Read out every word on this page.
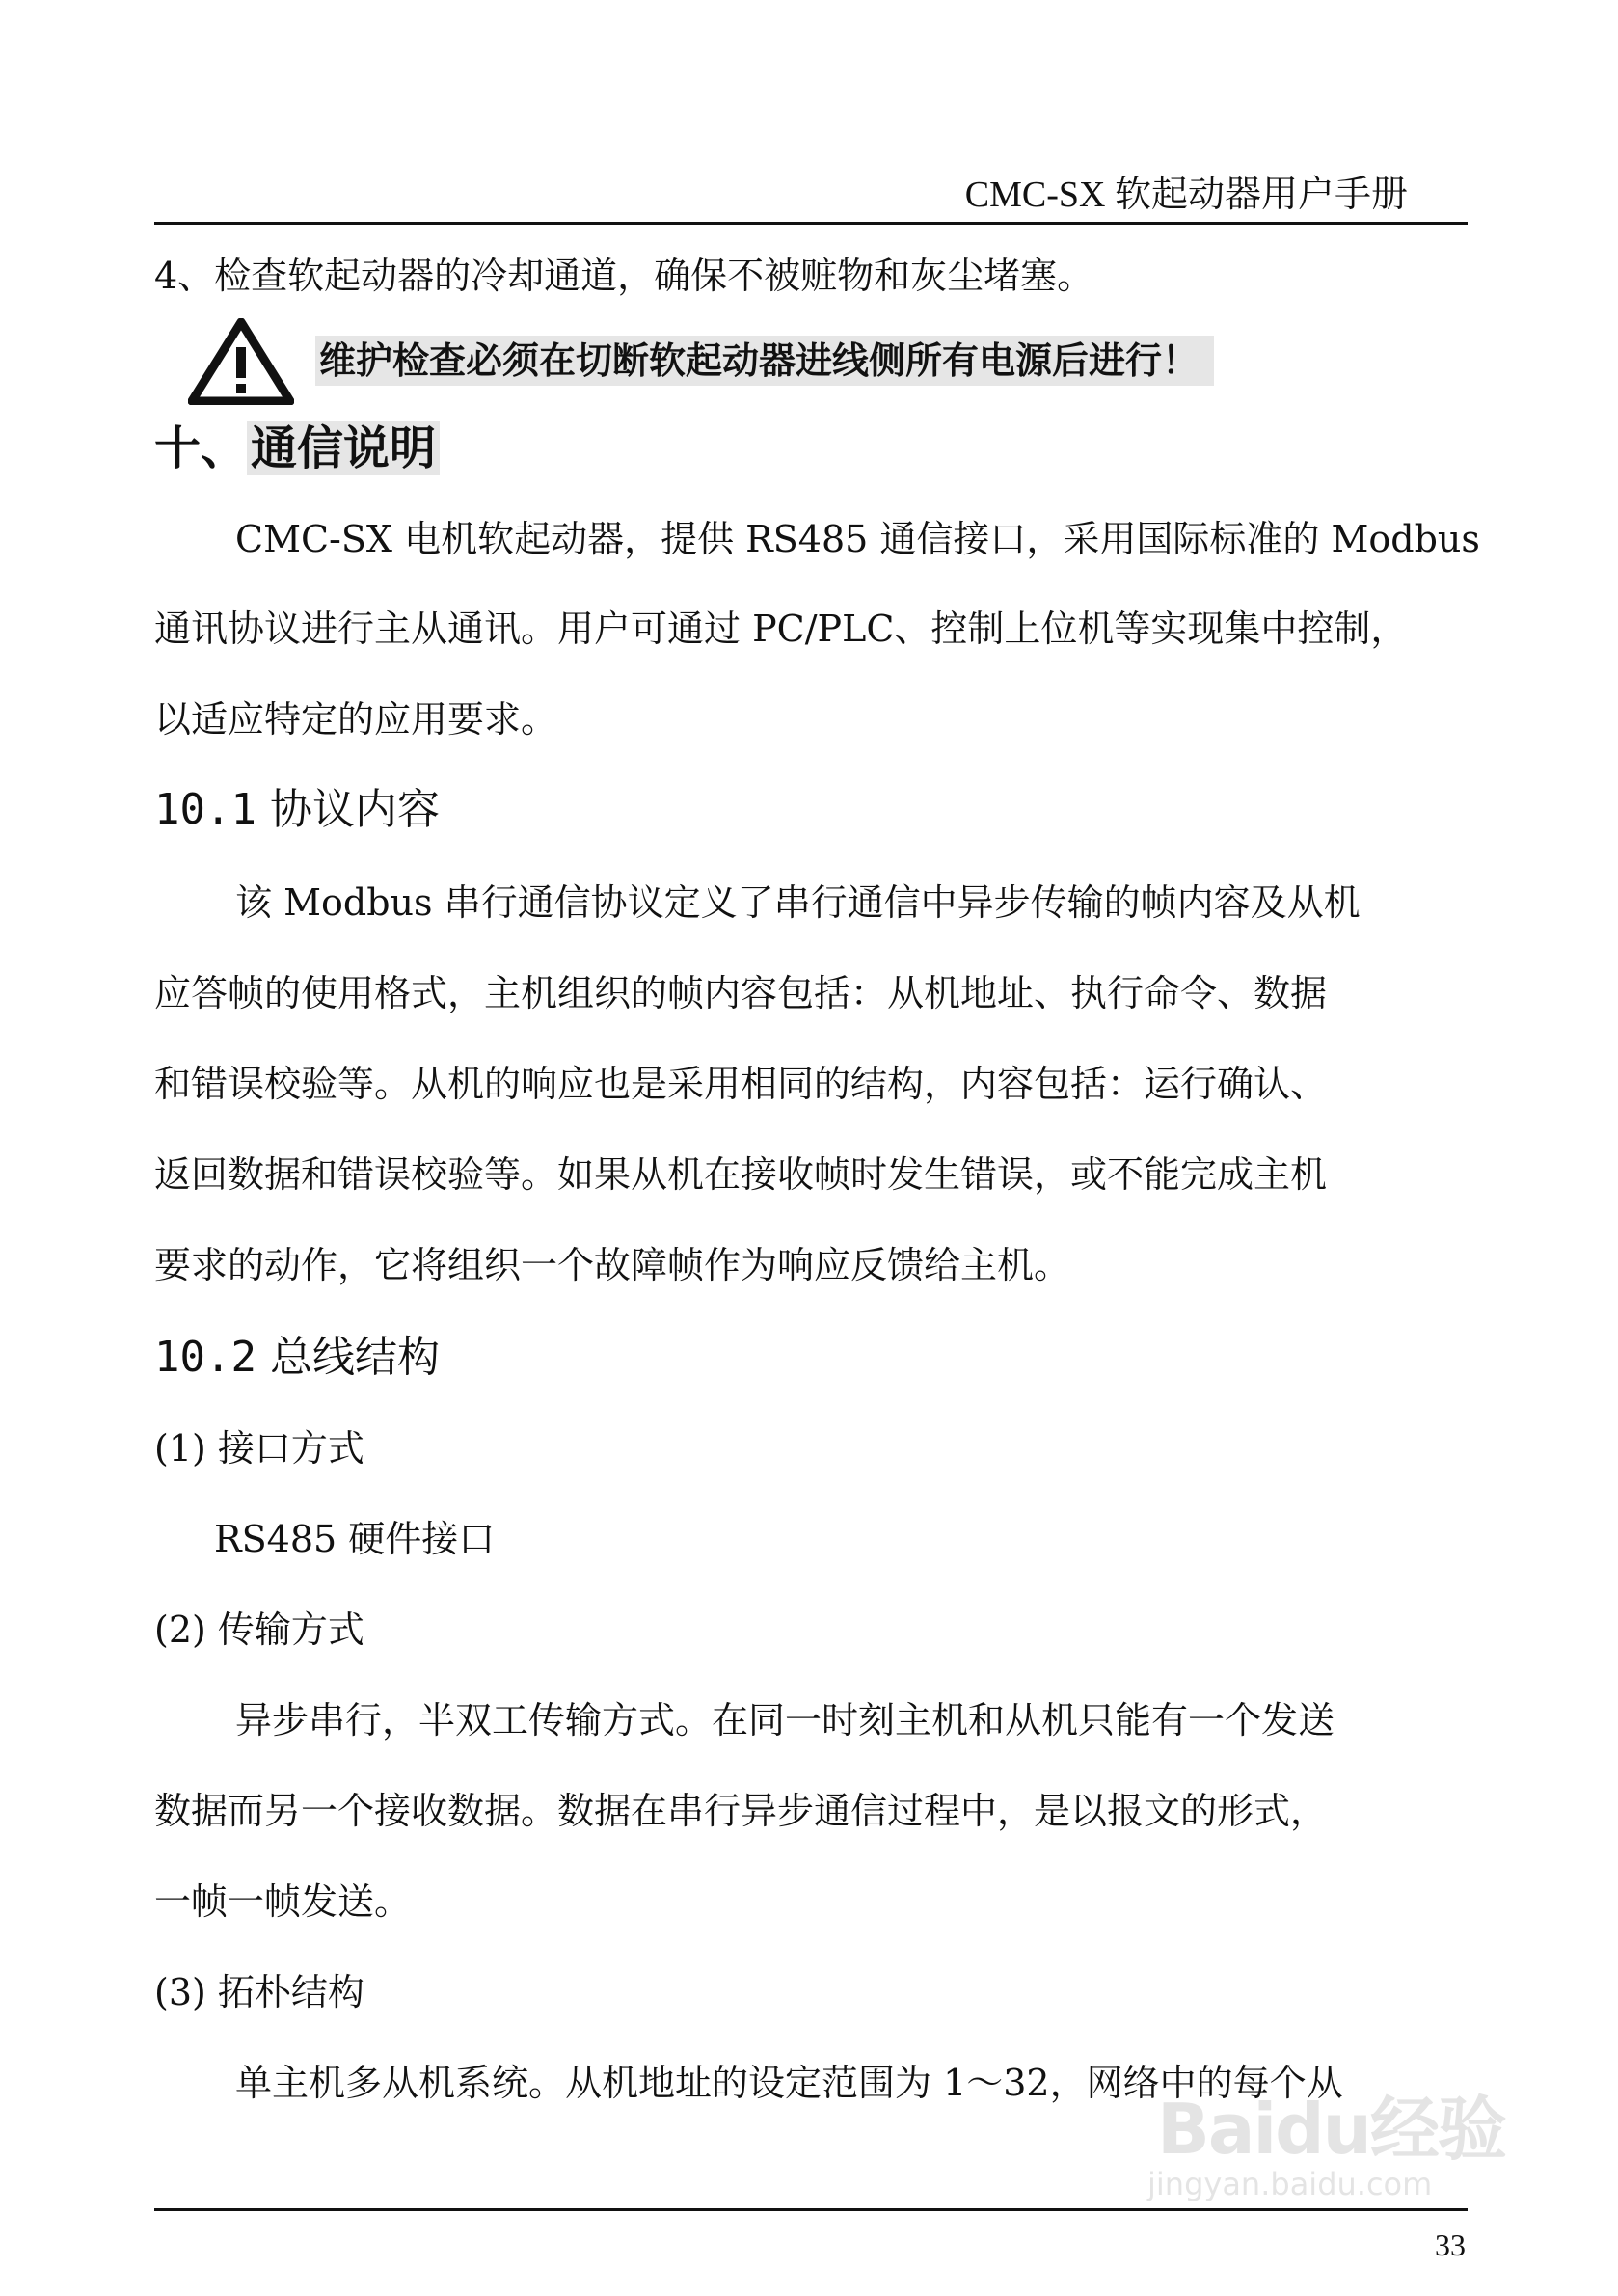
CMC-SX 软起动器用户手册
4、检查软起动器的冷却通道，确保不被赃物和灰尘堵塞。
维护检查必须在切断软起动器进线侧所有电源后进行！
十、通信说明
CMC-SX 电机软起动器，提供 RS485 通信接口，采用国际标准的 Modbus
通讯协议进行主从通讯。用户可通过 PC/PLC、控制上位机等实现集中控制，
以适应特定的应用要求。
10.1 协议内容
该 Modbus 串行通信协议定义了串行通信中异步传输的帧内容及从机
应答帧的使用格式，主机组织的帧内容包括：从机地址、执行命令、数据
和错误校验等。从机的响应也是采用相同的结构，内容包括：运行确认、
返回数据和错误校验等。如果从机在接收帧时发生错误，或不能完成主机
要求的动作，它将组织一个故障帧作为响应反馈给主机。
10.2 总线结构
(1) 接口方式
RS485 硬件接口
(2) 传输方式
异步串行，半双工传输方式。在同一时刻主机和从机只能有一个发送
数据而另一个接收数据。数据在串行异步通信过程中，是以报文的形式，
一帧一帧发送。
(3) 拓朴结构
单主机多从机系统。从机地址的设定范围为 1～32，网络中的每个从
Baidu经验
jingyan.baidu.com
33
